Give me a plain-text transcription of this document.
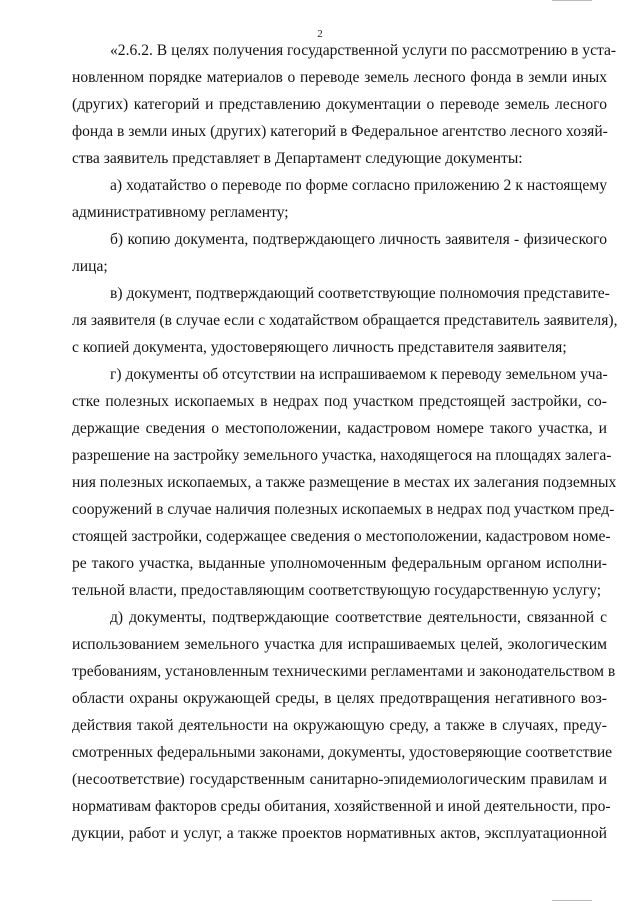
2
«2.6.2. В целях получения государственной услуги по рассмотрению в уста-
новленном порядке материалов о переводе земель лесного фонда в земли иных
(других) категорий и представлению документации о переводе земель лесного
фонда в земли иных (других) категорий в Федеральное агентство лесного хозяй-
ства заявитель представляет в Департамент следующие документы:
а) ходатайство о переводе по форме согласно приложению 2 к настоящему
административному регламенту;
б) копию документа, подтверждающего личность заявителя - физического
лица;
в) документ, подтверждающий соответствующие полномочия представите-
ля заявителя (в случае если с ходатайством обращается представитель заявителя),
с копией документа, удостоверяющего личность представителя заявителя;
г) документы об отсутствии на испрашиваемом к переводу земельном уча-
стке полезных ископаемых в недрах под участком предстоящей застройки, со-
держащие сведения о местоположении, кадастровом номере такого участка, и
разрешение на застройку земельного участка, находящегося на площадях залега-
ния полезных ископаемых, а также размещение в местах их залегания подземных
сооружений в случае наличия полезных ископаемых в недрах под участком пред-
стоящей застройки, содержащее сведения о местоположении, кадастровом номе-
ре такого участка, выданные уполномоченным федеральным органом исполни-
тельной власти, предоставляющим соответствующую государственную услугу;
д) документы, подтверждающие соответствие деятельности, связанной с
использованием земельного участка для испрашиваемых целей, экологическим
требованиям, установленным техническими регламентами и законодательством в
области охраны окружающей среды, в целях предотвращения негативного воз-
действия такой деятельности на окружающую среду, а также в случаях, преду-
смотренных федеральными законами, документы, удостоверяющие соответствие
(несоответствие) государственным санитарно-эпидемиологическим правилам и
нормативам факторов среды обитания, хозяйственной и иной деятельности, про-
дукции, работ и услуг, а также проектов нормативных актов, эксплуатационной
